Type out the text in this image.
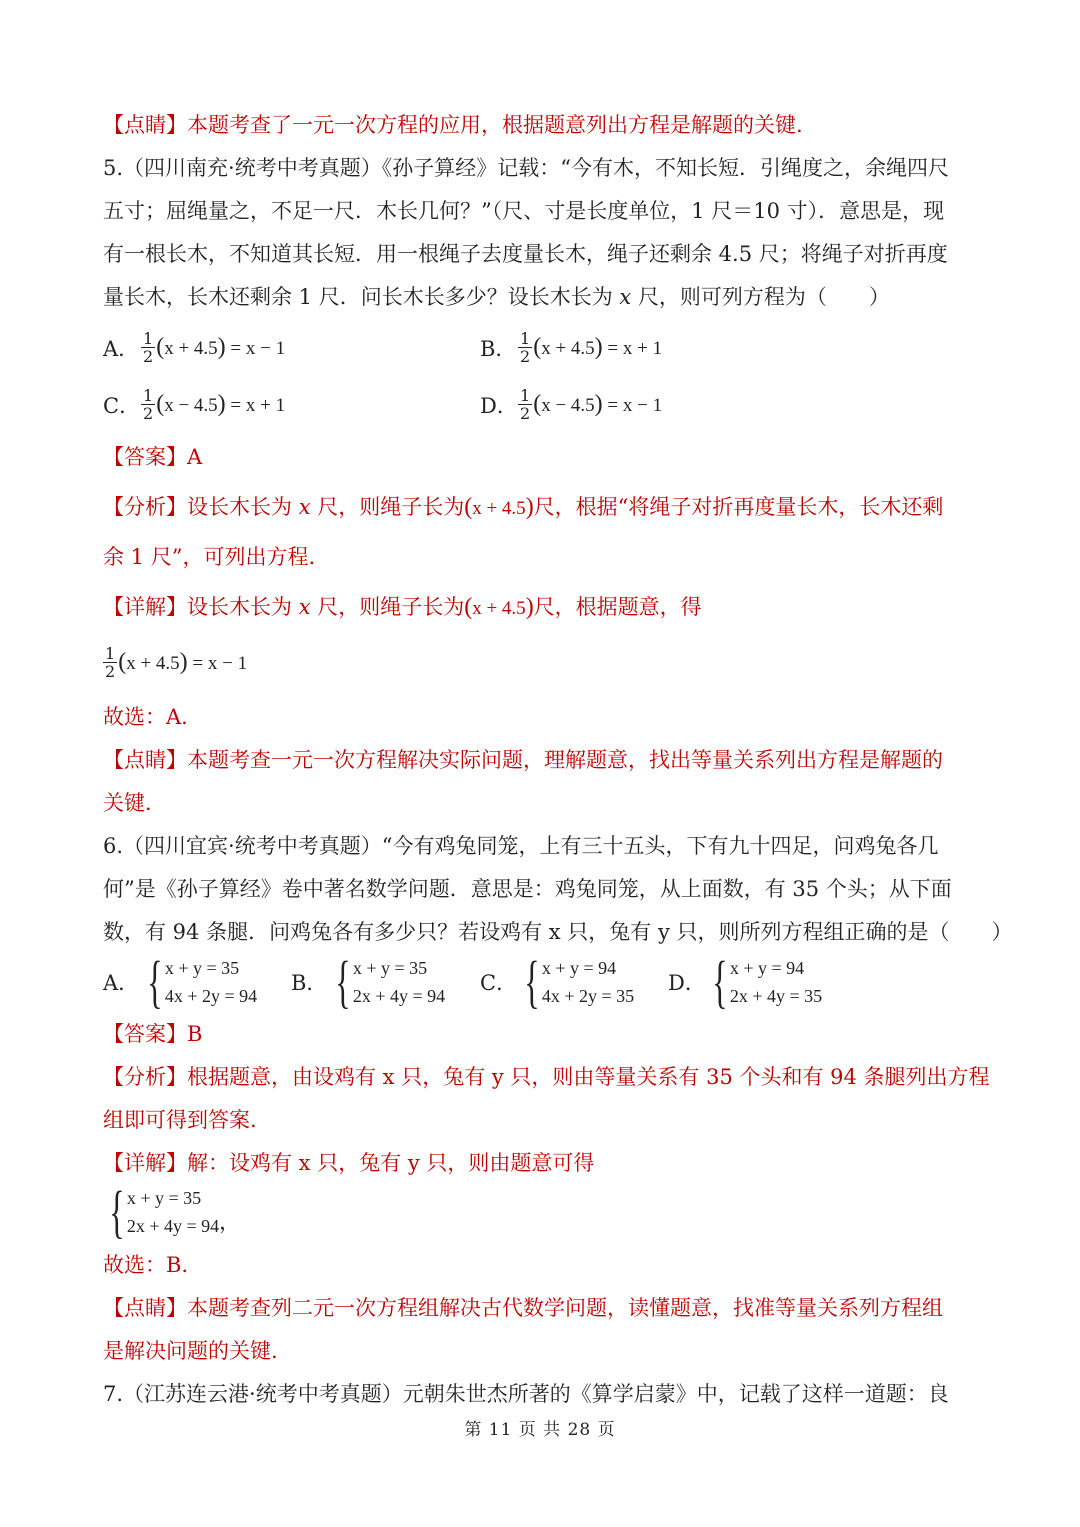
【点睛】本题考查了一元一次方程的应用，根据题意列出方程是解题的关键.
5.（四川南充·统考中考真题）《孙子算经》记载：“今有木，不知长短．引绳度之，余绳四尺
五寸；屈绳量之，不足一尺．木长几何？”（尺、寸是长度单位，1 尺＝10 寸）．意思是，现
有一根长木，不知道其长短．用一根绳子去度量长木，绳子还剩余 4.5 尺；将绳子对折再度
量长木，长木还剩余 1 尺．问长木长多少？设长木长为 x 尺，则可列方程为（　　）
A． $\frac{1}{2} (x + 4.5) = x - 1$	B． $\frac{1}{2} (x + 4.5) = x + 1$
C． $\frac{1}{2} (x - 4.5) = x + 1$	D． $\frac{1}{2} (x - 4.5) = x - 1$
【答案】A
【分析】设长木长为 x 尺，则绳子长为(x + 4.5)尺，根据“将绳子对折再度量长木，长木还剩
余 1 尺”，可列出方程.
【详解】设长木长为 x 尺，则绳子长为(x + 4.5)尺，根据题意，得
$\frac{1}{2} (x + 4.5) = x - 1$
故选：A.
【点睛】本题考查一元一次方程解决实际问题，理解题意，找出等量关系列出方程是解题的
关键.
6.（四川宜宾·统考中考真题）“今有鸡兔同笼，上有三十五头，下有九十四足，问鸡兔各几
何”是《孙子算经》卷中著名数学问题．意思是：鸡兔同笼，从上面数，有 35 个头；从下面
数，有 94 条腿．问鸡兔各有多少只？若设鸡有 x 只，兔有 y 只，则所列方程组正确的是（　　）
A． { x + y = 35
4x + 2y = 94
B． { x + y = 35
2x + 4y = 94
C． { x + y = 94
4x + 2y = 35
D． { x + y = 94
2x + 4y = 35
【答案】B
【分析】根据题意，由设鸡有 x 只，兔有 y 只，则由等量关系有 35 个头和有 94 条腿列出方程
组即可得到答案.
【详解】解：设鸡有 x 只，兔有 y 只，则由题意可得
{ x + y = 35
2x + 4y = 94 ，
故选：B.
【点睛】本题考查列二元一次方程组解决古代数学问题，读懂题意，找准等量关系列方程组
是解决问题的关键.
7.（江苏连云港·统考中考真题）元朝朱世杰所著的《算学启蒙》中，记载了这样一道题：良
第 11 页 共 28 页
